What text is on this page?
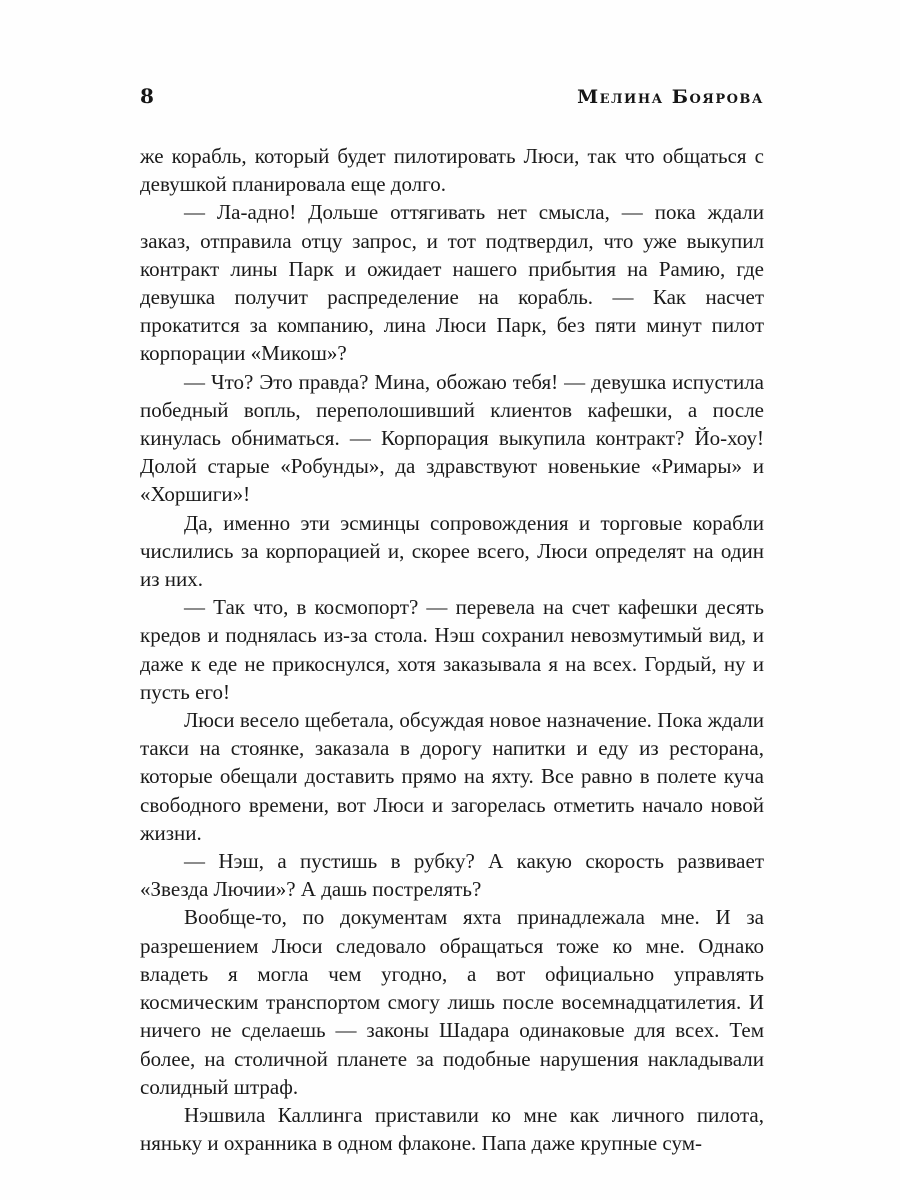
8	Мелина Боярова

же корабль, который будет пилотировать Люси, так что общаться с девушкой планировала еще долго.

— Ла-адно! Дольше оттягивать нет смысла, — пока ждали заказ, отправила отцу запрос, и тот подтвердил, что уже выкупил контракт лины Парк и ожидает нашего прибытия на Рамию, где девушка получит распределение на корабль. — Как насчет прокатится за компанию, лина Люси Парк, без пяти минут пилот корпорации «Микош»?

— Что? Это правда? Мина, обожаю тебя! — девушка испустила победный вопль, переполошивший клиентов кафешки, а после кинулась обниматься. — Корпорация выкупила контракт? Йо-хоу! Долой старые «Робунды», да здравствуют новенькие «Римары» и «Хоршиги»!

Да, именно эти эсминцы сопровождения и торговые корабли числились за корпорацией и, скорее всего, Люси определят на один из них.

— Так что, в космопорт? — перевела на счет кафешки десять кредов и поднялась из-за стола. Нэш сохранил невозмутимый вид, и даже к еде не прикоснулся, хотя заказывала я на всех. Гордый, ну и пусть его!

Люси весело щебетала, обсуждая новое назначение. Пока ждали такси на стоянке, заказала в дорогу напитки и еду из ресторана, которые обещали доставить прямо на яхту. Все равно в полете куча свободного времени, вот Люси и загорелась отметить начало новой жизни.

— Нэш, а пустишь в рубку? А какую скорость развивает «Звезда Лючии»? А дашь пострелять?

Вообще-то, по документам яхта принадлежала мне. И за разрешением Люси следовало обращаться тоже ко мне. Однако владеть я могла чем угодно, а вот официально управлять космическим транспортом смогу лишь после восемнадцатилетия. И ничего не сделаешь — законы Шадара одинаковые для всех. Тем более, на столичной планете за подобные нарушения накладывали солидный штраф.

Нэшвила Каллинга приставили ко мне как личного пилота, няньку и охранника в одном флаконе. Папа даже крупные сум-
